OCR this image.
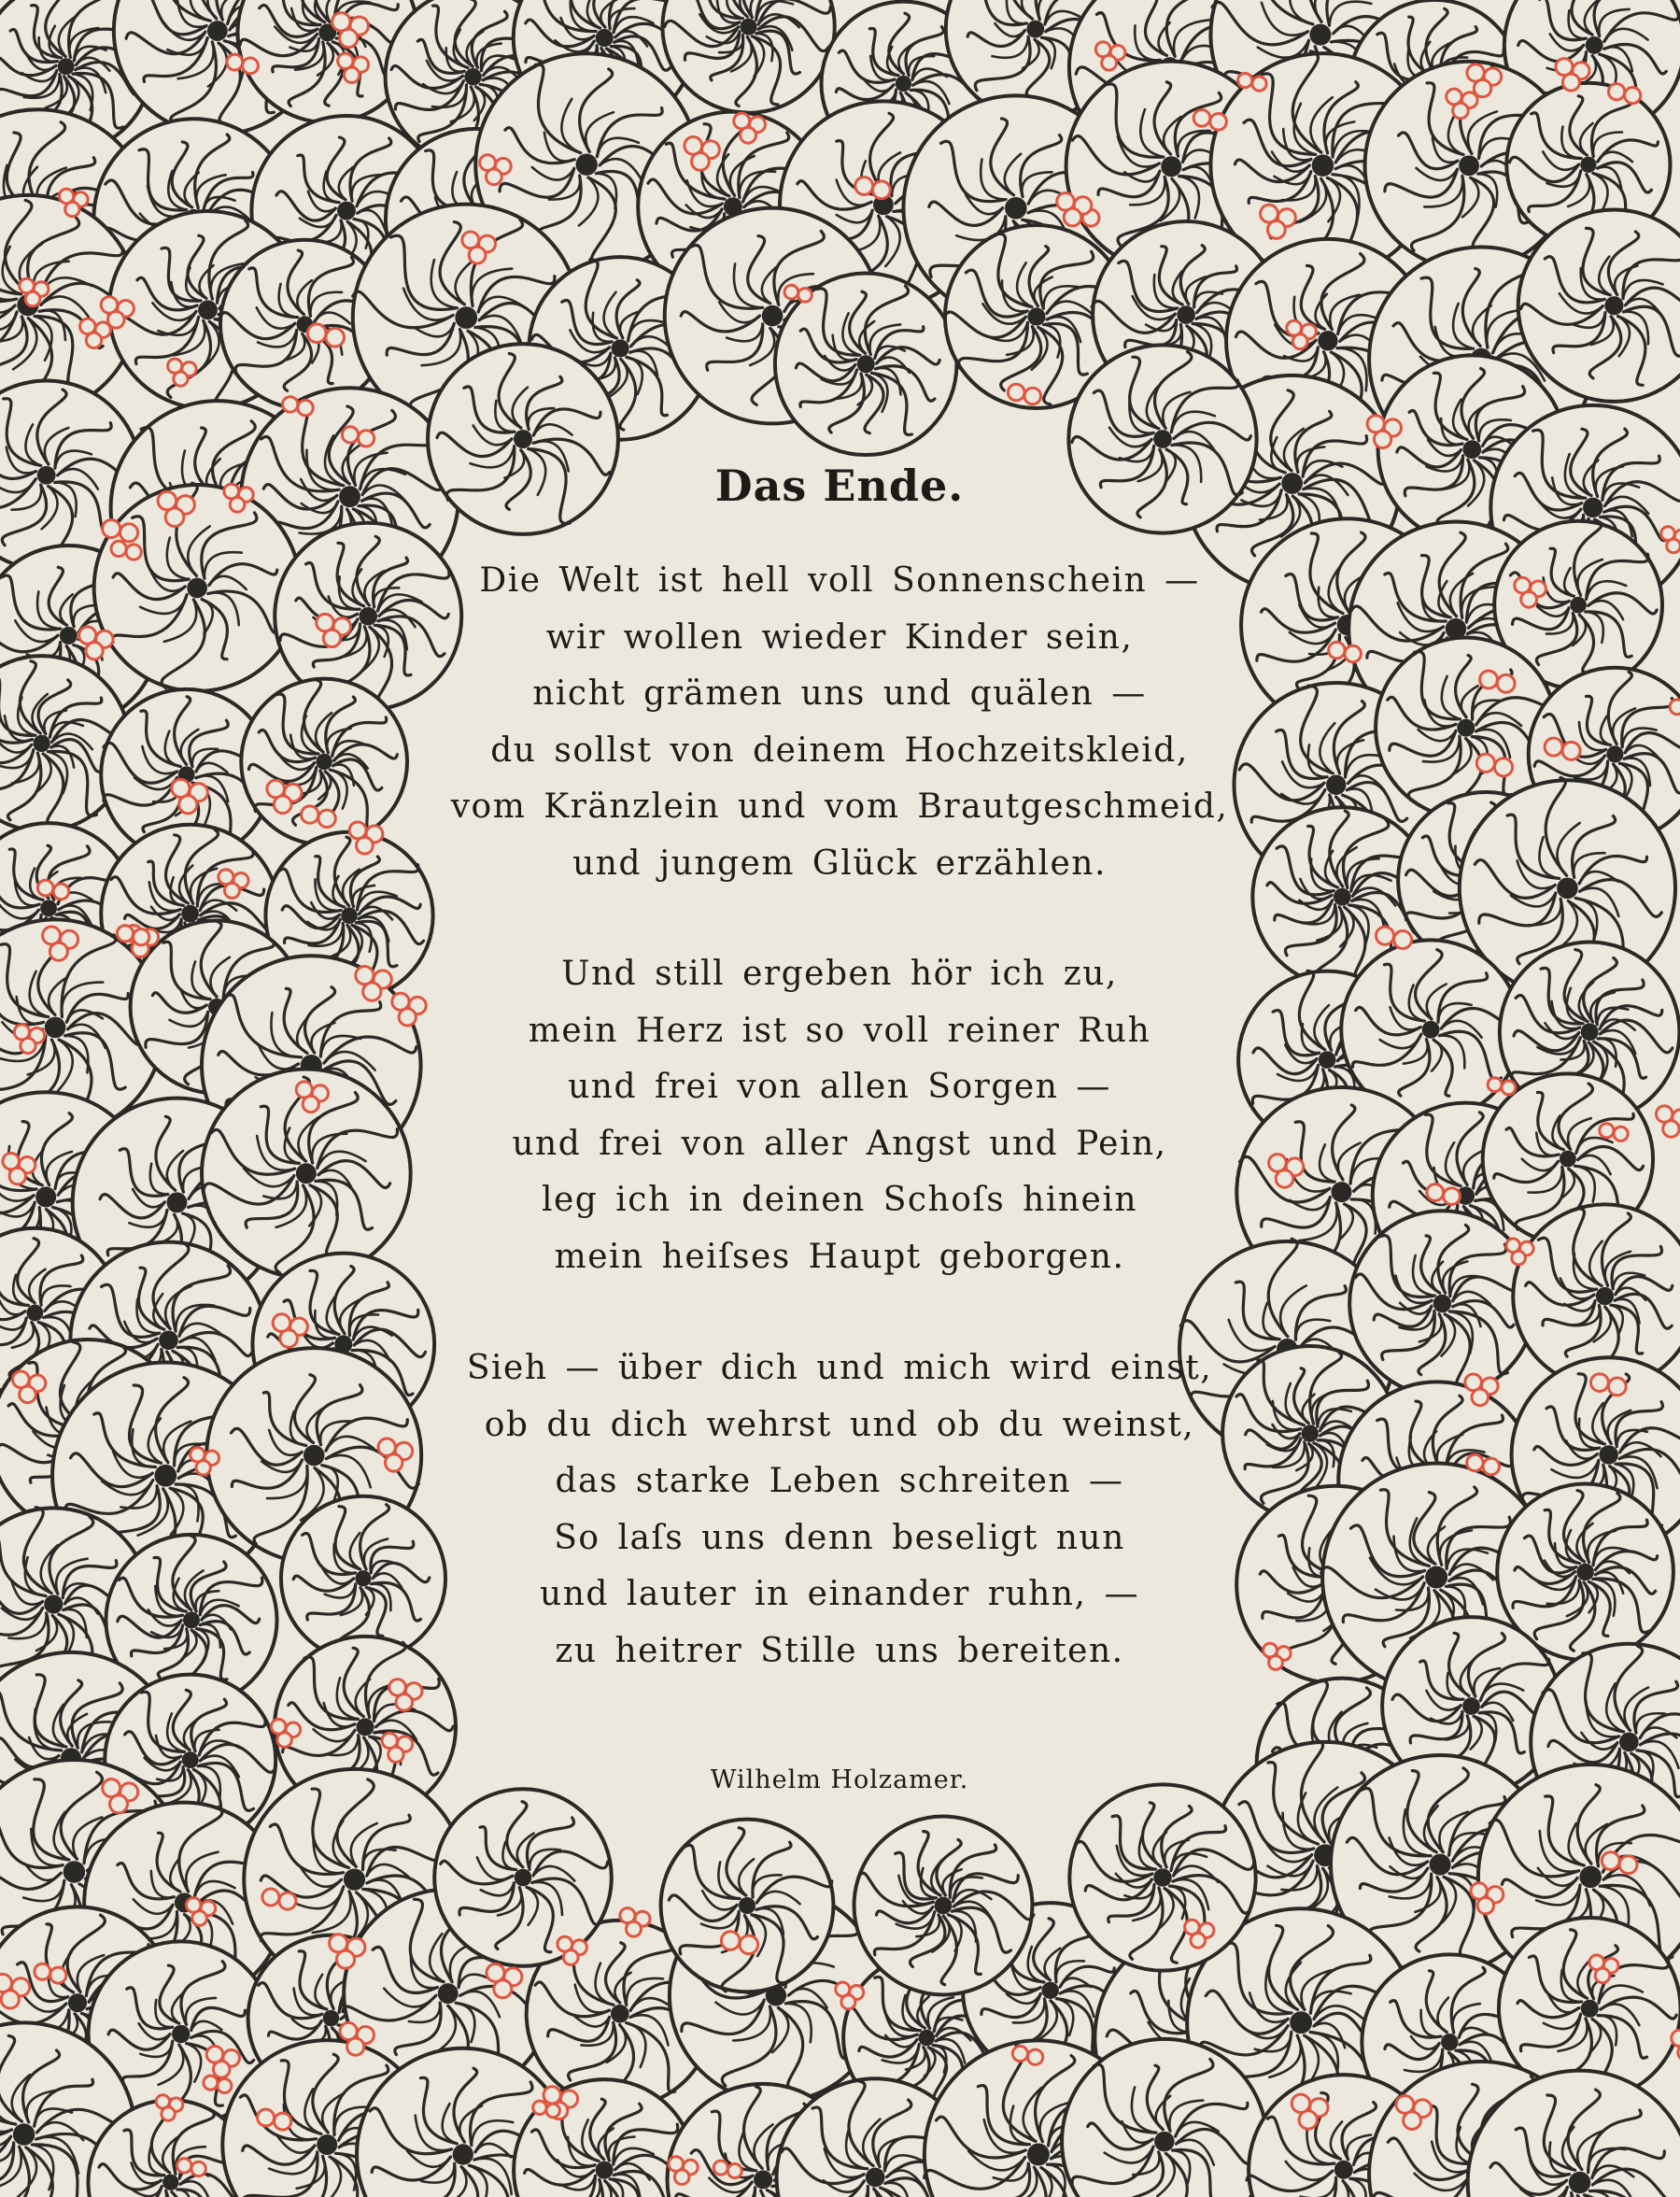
Das Ende.
Die Welt ist hell voll Sonnenschein —
wir wollen wieder Kinder sein,
nicht grämen uns und quälen —
du sollst von deinem Hochzeitskleid,
vom Kränzlein und vom Brautgeschmeid,
und jungem Glück erzählen.
Und still ergeben hör ich zu,
mein Herz ist so voll reiner Ruh
und frei von allen Sorgen —
und frei von aller Angst und Pein,
leg ich in deinen Schoſs hinein
mein heiſses Haupt geborgen.
Sieh — über dich und mich wird einst,
ob du dich wehrst und ob du weinst,
das starke Leben schreiten —
So laſs uns denn beseligt nun
und lauter in einander ruhn, —
zu heitrer Stille uns bereiten.
Wilhelm Holzamer.
